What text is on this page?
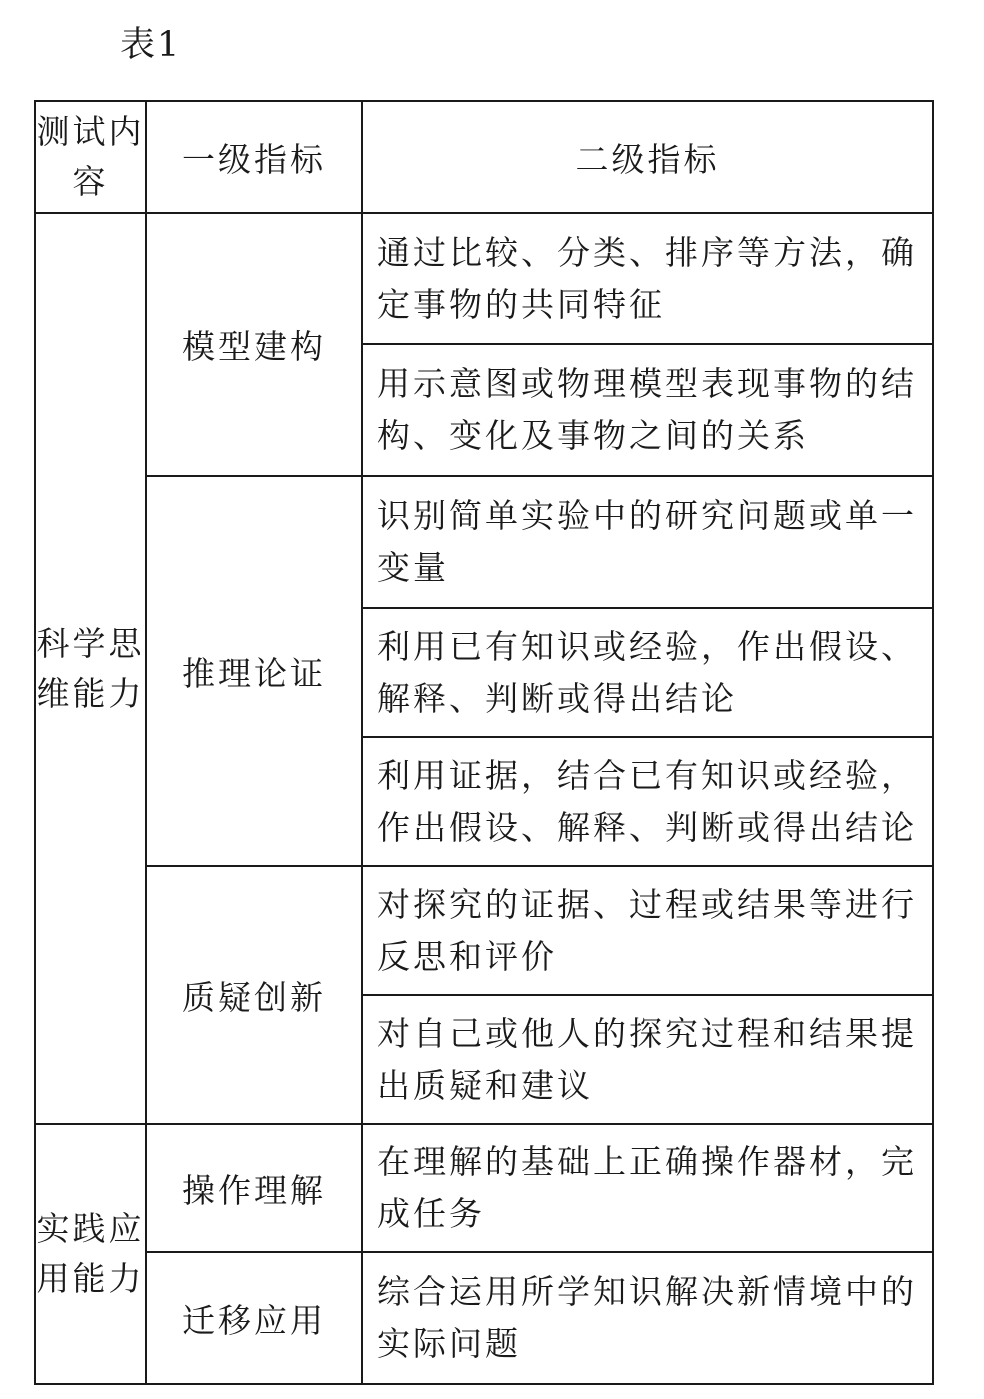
表1
测试内容	一级指标	二级指标
科学思维能力	模型建构	通过比较、分类、排序等方法，确定事物的共同特征
		用示意图或物理模型表现事物的结构、变化及事物之间的关系
	推理论证	识别简单实验中的研究问题或单一变量
		利用已有知识或经验，作出假设、解释、判断或得出结论
		利用证据，结合已有知识或经验，作出假设、解释、判断或得出结论
	质疑创新	对探究的证据、过程或结果等进行反思和评价
		对自己或他人的探究过程和结果提出质疑和建议
实践应用能力	操作理解	在理解的基础上正确操作器材，完成任务
	迁移应用	综合运用所学知识解决新情境中的实际问题
